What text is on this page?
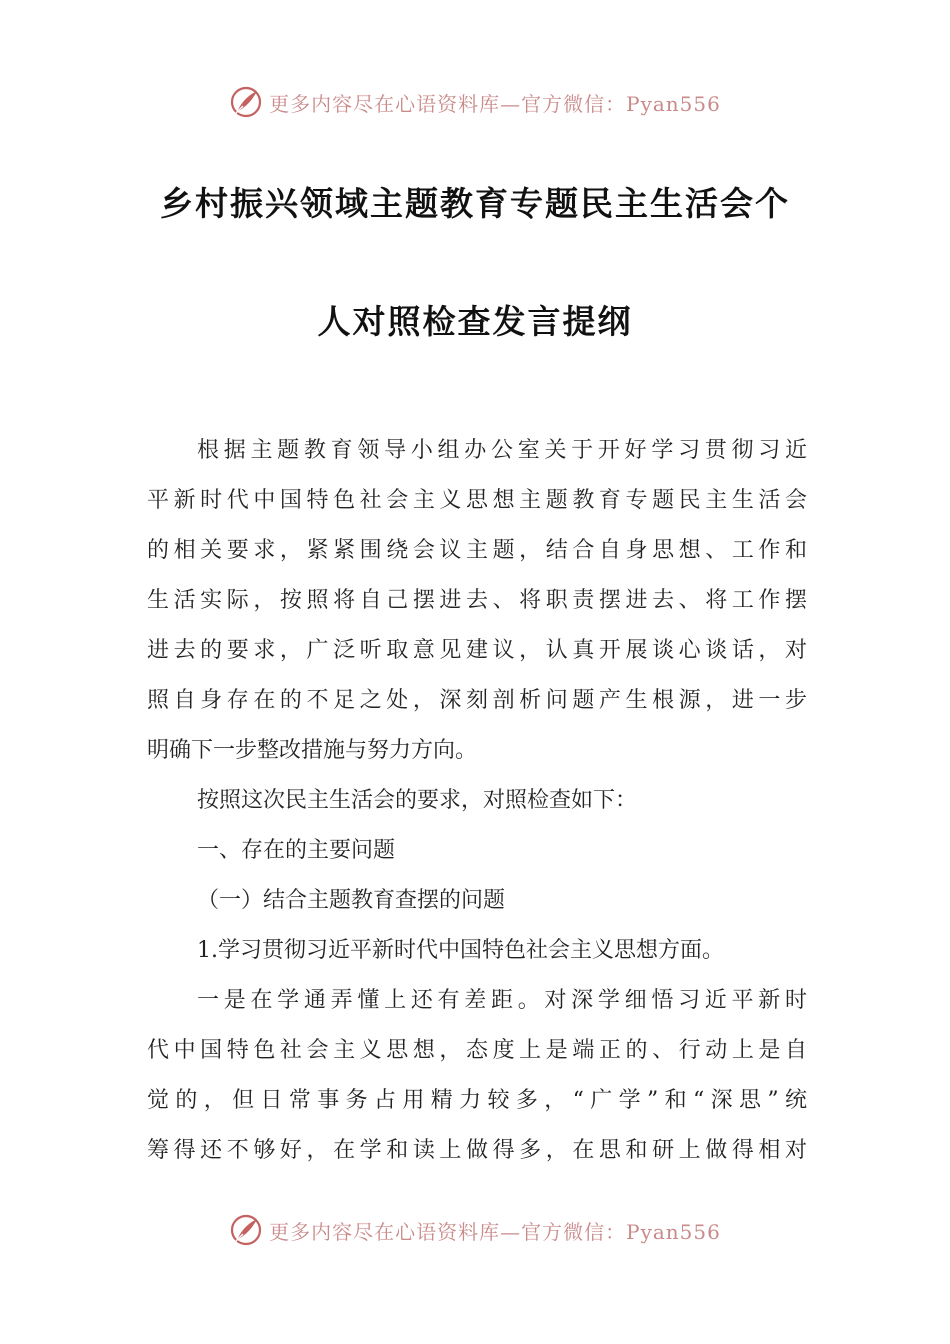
更多内容尽在心语资料库—官方微信：Pyan556
乡村振兴领域主题教育专题民主生活会个
人对照检查发言提纲
根据主题教育领导小组办公室关于开好学习贯彻习近
平新时代中国特色社会主义思想主题教育专题民主生活会
的相关要求，紧紧围绕会议主题，结合自身思想、工作和
生活实际，按照将自己摆进去、将职责摆进去、将工作摆
进去的要求，广泛听取意见建议，认真开展谈心谈话，对
照自身存在的不足之处，深刻剖析问题产生根源，进一步
明确下一步整改措施与努力方向。
按照这次民主生活会的要求，对照检查如下：
一、存在的主要问题
（一）结合主题教育查摆的问题
1.学习贯彻习近平新时代中国特色社会主义思想方面。
一是在学通弄懂上还有差距。对深学细悟习近平新时
代中国特色社会主义思想，态度上是端正的、行动上是自
觉的，但日常事务占用精力较多，“广学”和“深思”统
筹得还不够好，在学和读上做得多，在思和研上做得相对
更多内容尽在心语资料库—官方微信：Pyan556
